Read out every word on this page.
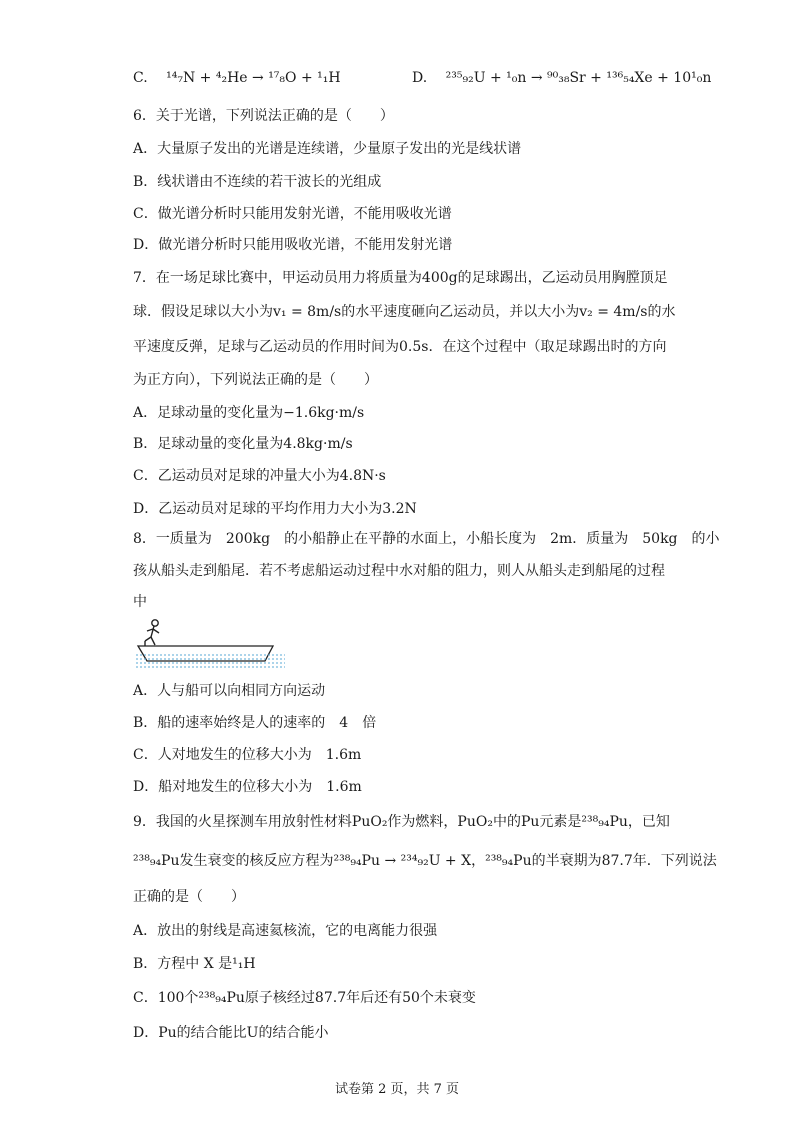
C. ¹⁴₇N + ⁴₂He → ¹⁷₈O + ¹₁H	D. ²³⁵₉₂U + ¹₀n → ⁹⁰₃₈Sr + ¹³⁶₅₄Xe + 10¹₀n
6．关于光谱，下列说法正确的是（　　）
A．大量原子发出的光谱是连续谱，少量原子发出的光是线状谱
B．线状谱由不连续的若干波长的光组成
C．做光谱分析时只能用发射光谱，不能用吸收光谱
D．做光谱分析时只能用吸收光谱，不能用发射光谱
7．在一场足球比赛中，甲运动员用力将质量为400g的足球踢出，乙运动员用胸膛顶足
球．假设足球以大小为v₁ = 8m/s的水平速度砸向乙运动员，并以大小为v₂ = 4m/s的水
平速度反弹，足球与乙运动员的作用时间为0.5s．在这个过程中（取足球踢出时的方向
为正方向），下列说法正确的是（　　）
A．足球动量的变化量为−1.6kg·m/s
B．足球动量的变化量为4.8kg·m/s
C．乙运动员对足球的冲量大小为4.8N·s
D．乙运动员对足球的平均作用力大小为3.2N
8．一质量为　200kg　的小船静止在平静的水面上，小船长度为　2m．质量为　50kg　的小
孩从船头走到船尾．若不考虑船运动过程中水对船的阻力，则人从船头走到船尾的过程
中
A．人与船可以向相同方向运动
B．船的速率始终是人的速率的　4　倍
C．人对地发生的位移大小为　1.6m
D．船对地发生的位移大小为　1.6m
9．我国的火星探测车用放射性材料PuO₂作为燃料，PuO₂中的Pu元素是²³⁸₉₄Pu，已知
²³⁸₉₄Pu发生衰变的核反应方程为²³⁸₉₄Pu → ²³⁴₉₂U + X，²³⁸₉₄Pu的半衰期为87.7年．下列说法
正确的是（　　）
A．放出的射线是高速氦核流，它的电离能力很强
B．方程中 X 是¹₁H
C．100个²³⁸₉₄Pu原子核经过87.7年后还有50个未衰变
D．Pu的结合能比U的结合能小
试卷第 2 页，共 7 页
